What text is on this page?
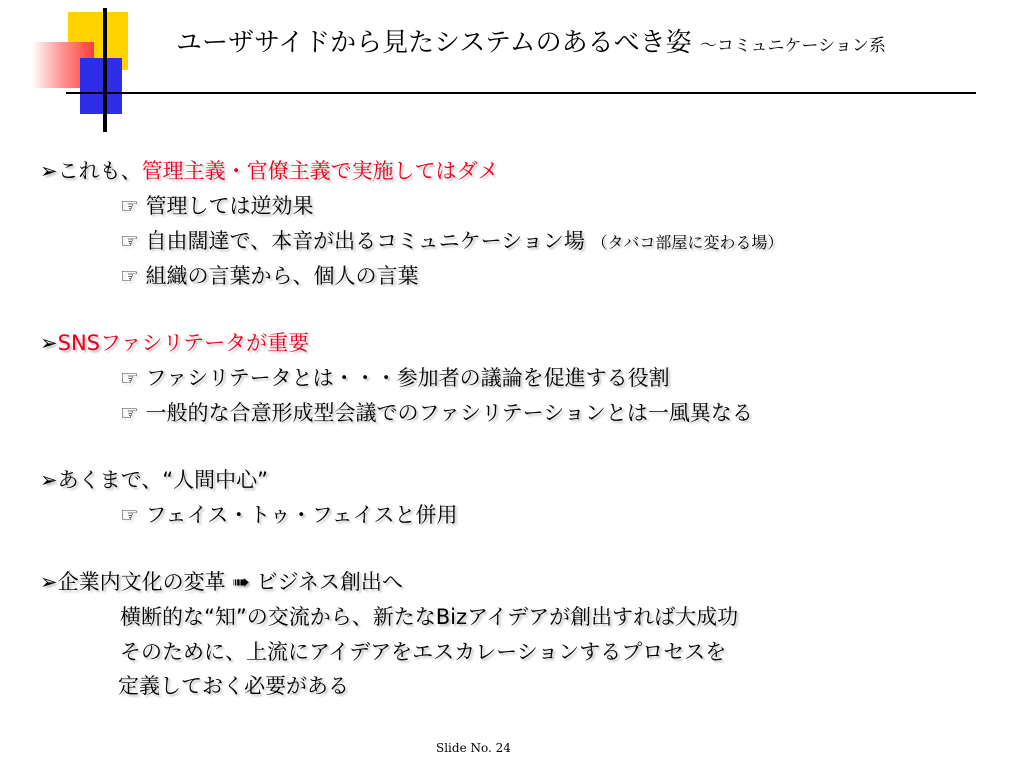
ユーザサイドから見たシステムのあるべき姿 ～コミュニケーション系
➢これも、管理主義・官僚主義で実施してはダメ
☞ 管理しては逆効果
☞ 自由闊達で、本音が出るコミュニケーション場 （タバコ部屋に変わる場）
☞ 組織の言葉から、個人の言葉
➢SNSファシリテータが重要
☞ ファシリテータとは・・・参加者の議論を促進する役割
☞ 一般的な合意形成型会議でのファシリテーションとは一風異なる
➢あくまで、“人間中心”
☞ フェイス・トゥ・フェイスと併用
➢企業内文化の変革 ➠ ビジネス創出へ
横断的な“知”の交流から、新たなBizアイデアが創出すれば大成功
そのために、上流にアイデアをエスカレーションするプロセスを
定義しておく必要がある
Slide No. 24
